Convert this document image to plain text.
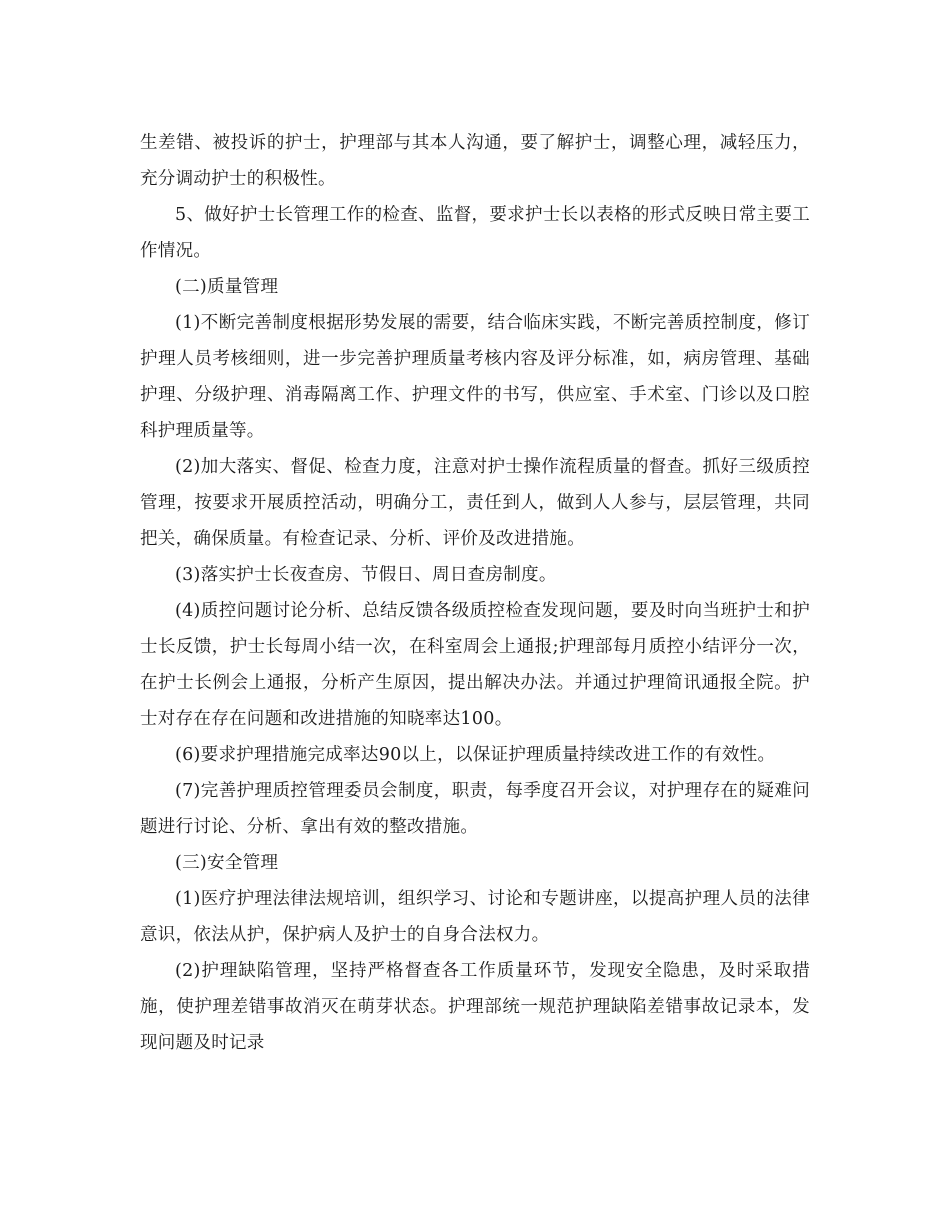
生差错、被投诉的护士，护理部与其本人沟通，要了解护士，调整心理，减轻压力，充分调动护士的积极性。

5、做好护士长管理工作的检查、监督，要求护士长以表格的形式反映日常主要工作情况。

(二)质量管理

(1)不断完善制度根据形势发展的需要，结合临床实践，不断完善质控制度，修订护理人员考核细则，进一步完善护理质量考核内容及评分标准，如，病房管理、基础护理、分级护理、消毒隔离工作、护理文件的书写，供应室、手术室、门诊以及口腔科护理质量等。

(2)加大落实、督促、检查力度，注意对护士操作流程质量的督查。抓好三级质控管理，按要求开展质控活动，明确分工，责任到人，做到人人参与，层层管理，共同把关，确保质量。有检查记录、分析、评价及改进措施。

(3)落实护士长夜查房、节假日、周日查房制度。

(4)质控问题讨论分析、总结反馈各级质控检查发现问题，要及时向当班护士和护士长反馈，护士长每周小结一次，在科室周会上通报;护理部每月质控小结评分一次，在护士长例会上通报，分析产生原因，提出解决办法。并通过护理简讯通报全院。护士对存在存在问题和改进措施的知晓率达100。

(6)要求护理措施完成率达90以上，以保证护理质量持续改进工作的有效性。

(7)完善护理质控管理委员会制度，职责，每季度召开会议，对护理存在的疑难问题进行讨论、分析、拿出有效的整改措施。

(三)安全管理

(1)医疗护理法律法规培训，组织学习、讨论和专题讲座，以提高护理人员的法律意识，依法从护，保护病人及护士的自身合法权力。

(2)护理缺陷管理，坚持严格督查各工作质量环节，发现安全隐患，及时采取措施，使护理差错事故消灭在萌芽状态。护理部统一规范护理缺陷差错事故记录本，发现问题及时记录
